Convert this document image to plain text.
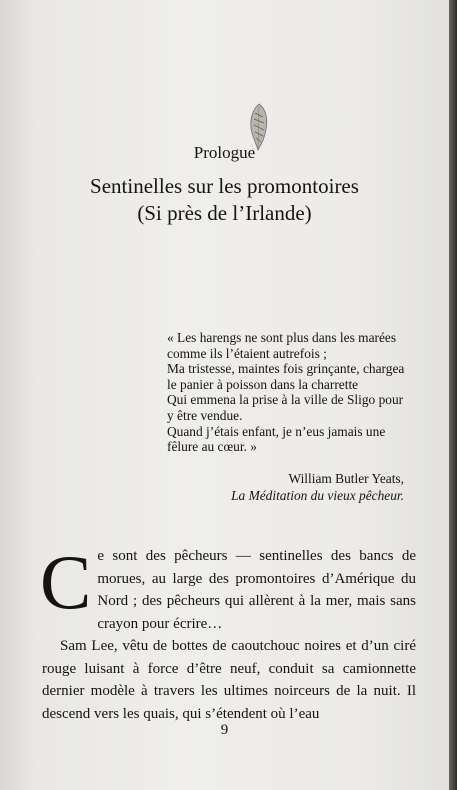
Prologue
Sentinelles sur les promontoires
(Si près de l’Irlande)

« Les harengs ne sont plus dans les marées

comme ils l’étaient autrefois ;

Ma tristesse, maintes fois grinçante, chargea

le panier à poisson dans la charrette

Qui emmena la prise à la ville de Sligo pour

y être vendue.

Quand j’étais enfant, je n’eus jamais une

fêlure au cœur. »

William Butler Yeats,
La Méditation du vieux pêcheur.

Ce sont des pêcheurs — sentinelles des bancs de morues, au large des promontoires d’Amérique du Nord ; des pêcheurs qui allèrent à la mer, mais sans crayon pour écrire…

Sam Lee, vêtu de bottes de caoutchouc noires et d’un ciré rouge luisant à force d’être neuf, conduit sa camionnette dernier modèle à travers les ultimes noirceurs de la nuit. Il descend vers les quais, qui s’étendent où l’eau

9
